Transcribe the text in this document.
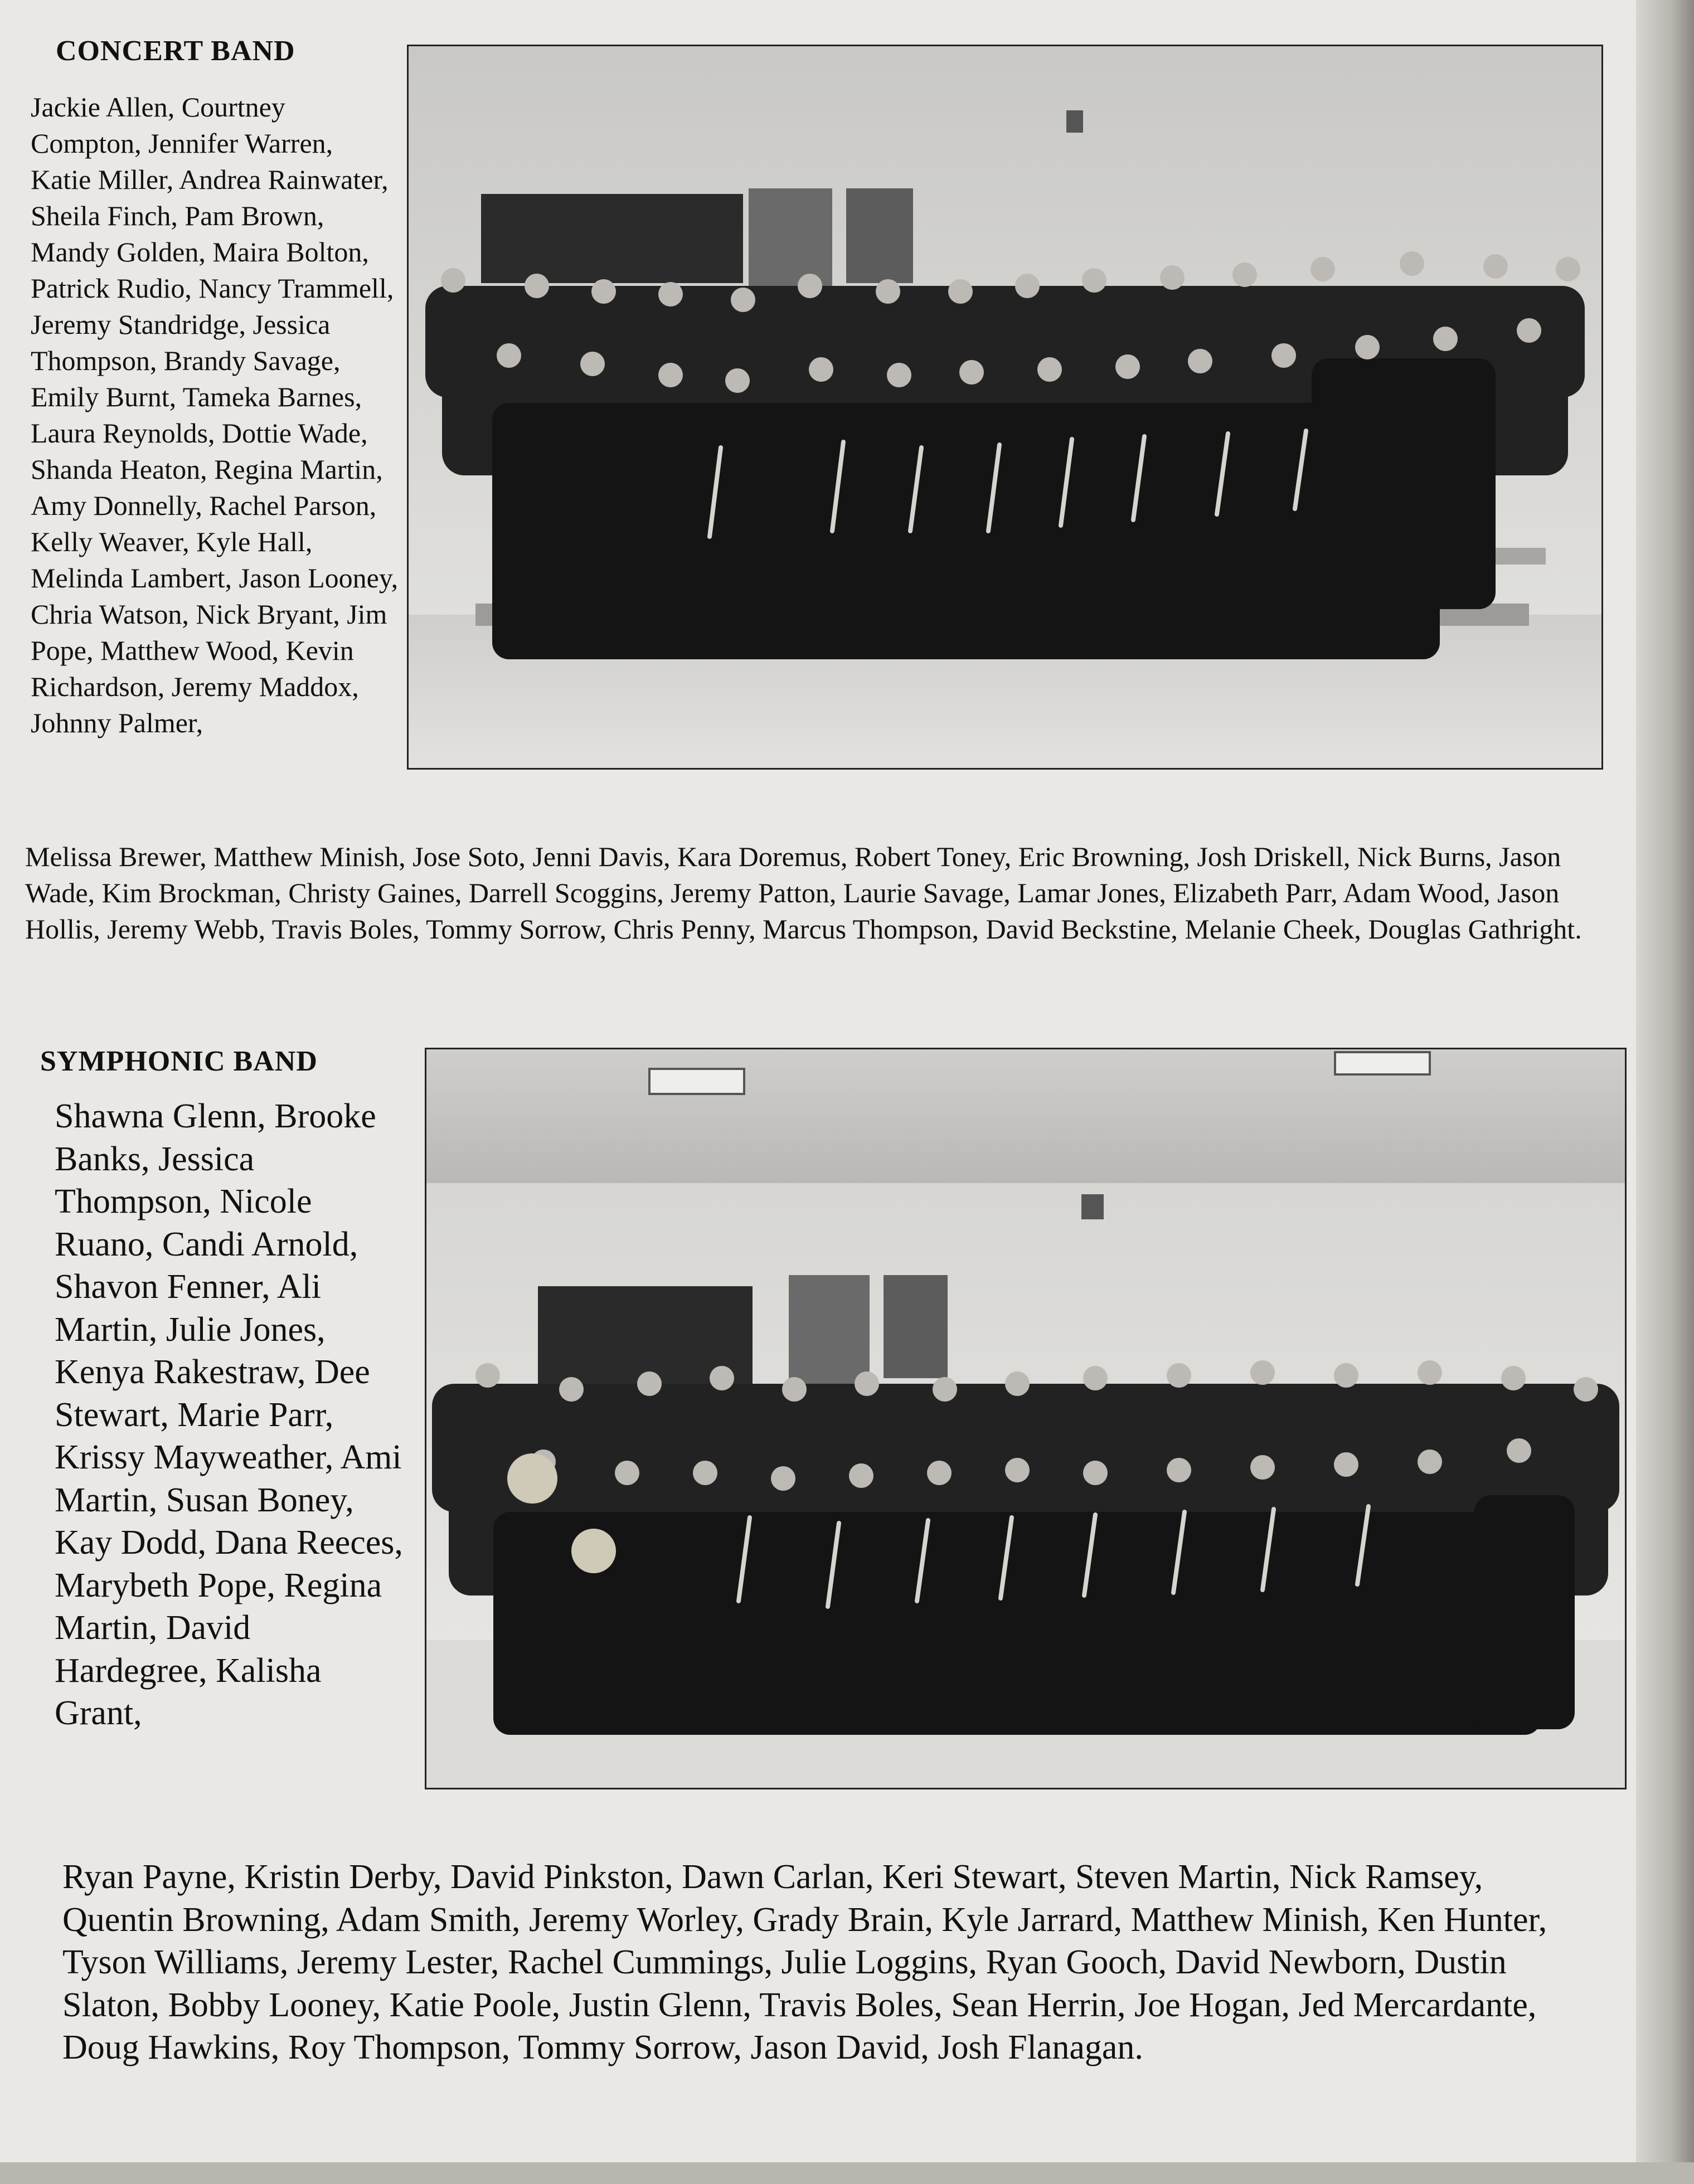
CONCERT BAND

Jackie Allen, Courtney Compton, Jennifer Warren, Katie Miller, Andrea Rainwater, Sheila Finch, Pam Brown, Mandy Golden, Maira Bolton, Patrick Rudio, Nancy Trammell, Jeremy Standridge, Jessica Thompson, Brandy Savage, Emily Burnt, Tameka Barnes, Laura Reynolds, Dottie Wade, Shanda Heaton, Regina Martin, Amy Donnelly, Rachel Parson, Kelly Weaver, Kyle Hall, Melinda Lambert, Jason Looney, Chria Watson, Nick Bryant, Jim Pope, Matthew Wood, Kevin Richardson, Jeremy Maddox, Johnny Palmer,

Melissa Brewer, Matthew Minish, Jose Soto, Jenni Davis, Kara Doremus, Robert Toney, Eric Browning, Josh Driskell, Nick Burns, Jason Wade, Kim Brockman, Christy Gaines, Darrell Scoggins, Jeremy Patton, Laurie Savage, Lamar Jones, Elizabeth Parr, Adam Wood, Jason Hollis, Jeremy Webb, Travis Boles, Tommy Sorrow, Chris Penny, Marcus Thompson, David Beckstine, Melanie Cheek, Douglas Gathright.

SYMPHONIC BAND

Shawna Glenn, Brooke Banks, Jessica Thompson, Nicole Ruano, Candi Arnold, Shavon Fenner, Ali Martin, Julie Jones, Kenya Rakestraw, Dee Stewart, Marie Parr, Krissy Mayweather, Ami Martin, Susan Boney, Kay Dodd, Dana Reeces, Marybeth Pope, Regina Martin, David Hardegree, Kalisha Grant,

Ryan Payne, Kristin Derby, David Pinkston, Dawn Carlan, Keri Stewart, Steven Martin, Nick Ramsey, Quentin Browning, Adam Smith, Jeremy Worley, Grady Brain, Kyle Jarrard, Matthew Minish, Ken Hunter, Tyson Williams, Jeremy Lester, Rachel Cummings, Julie Loggins, Ryan Gooch, David Newborn, Dustin Slaton, Bobby Looney, Katie Poole, Justin Glenn, Travis Boles, Sean Herrin, Joe Hogan, Jed Mercardante, Doug Hawkins, Roy Thompson, Tommy Sorrow, Jason David, Josh Flanagan.
